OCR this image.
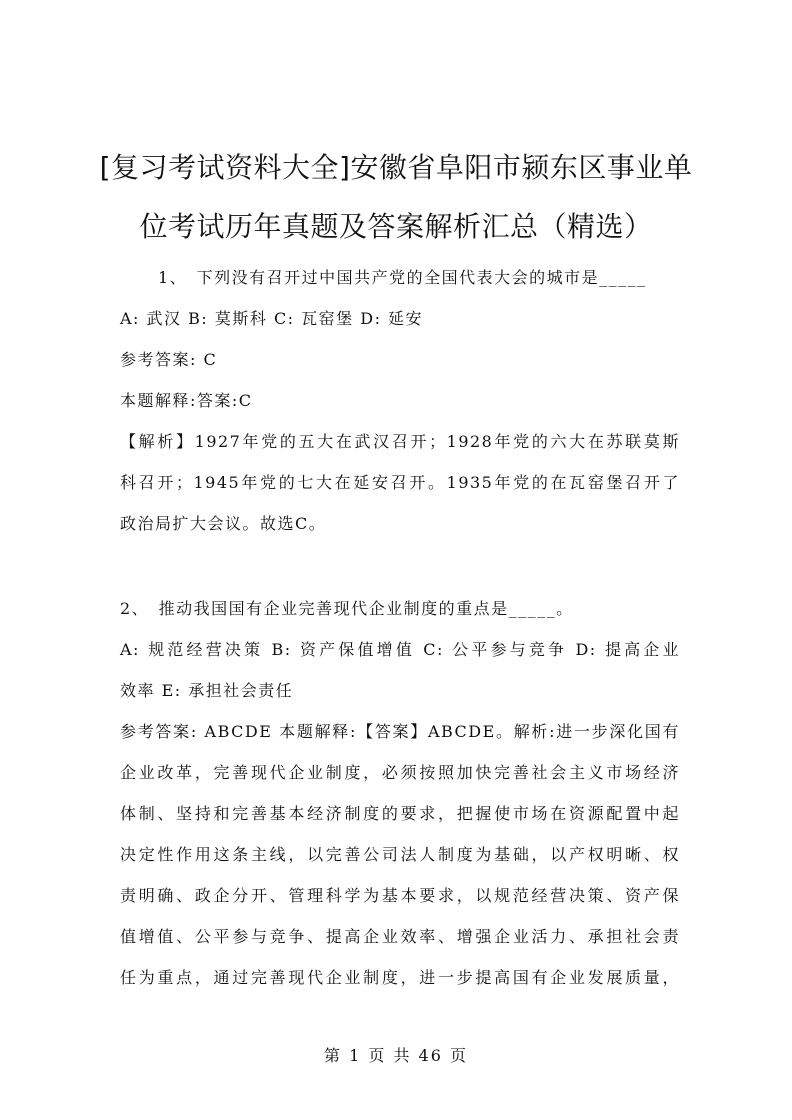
[复习考试资料大全]安徽省阜阳市颍东区事业单
位考试历年真题及答案解析汇总（精选）
1、　下列没有召开过中国共产党的全国代表大会的城市是_____
A: 武汉 B: 莫斯科 C: 瓦窑堡 D: 延安
参考答案: C
本题解释:答案:C
【解析】1927年党的五大在武汉召开；1928年党的六大在苏联莫斯
科召开；1945年党的七大在延安召开。1935年党的在瓦窑堡召开了
政治局扩大会议。故选C。
2、　推动我国国有企业完善现代企业制度的重点是_____。
A: 规范经营决策 B: 资产保值增值 C: 公平参与竞争 D: 提高企业
效率 E: 承担社会责任
参考答案: ABCDE 本题解释:【答案】ABCDE。解析:进一步深化国有
企业改革，完善现代企业制度，必须按照加快完善社会主义市场经济
体制、坚持和完善基本经济制度的要求，把握使市场在资源配置中起
决定性作用这条主线，以完善公司法人制度为基础，以产权明晰、权
责明确、政企分开、管理科学为基本要求，以规范经营决策、资产保
值增值、公平参与竞争、提高企业效率、增强企业活力、承担社会责
任为重点，通过完善现代企业制度，进一步提高国有企业发展质量，
第 1 页 共 46 页
